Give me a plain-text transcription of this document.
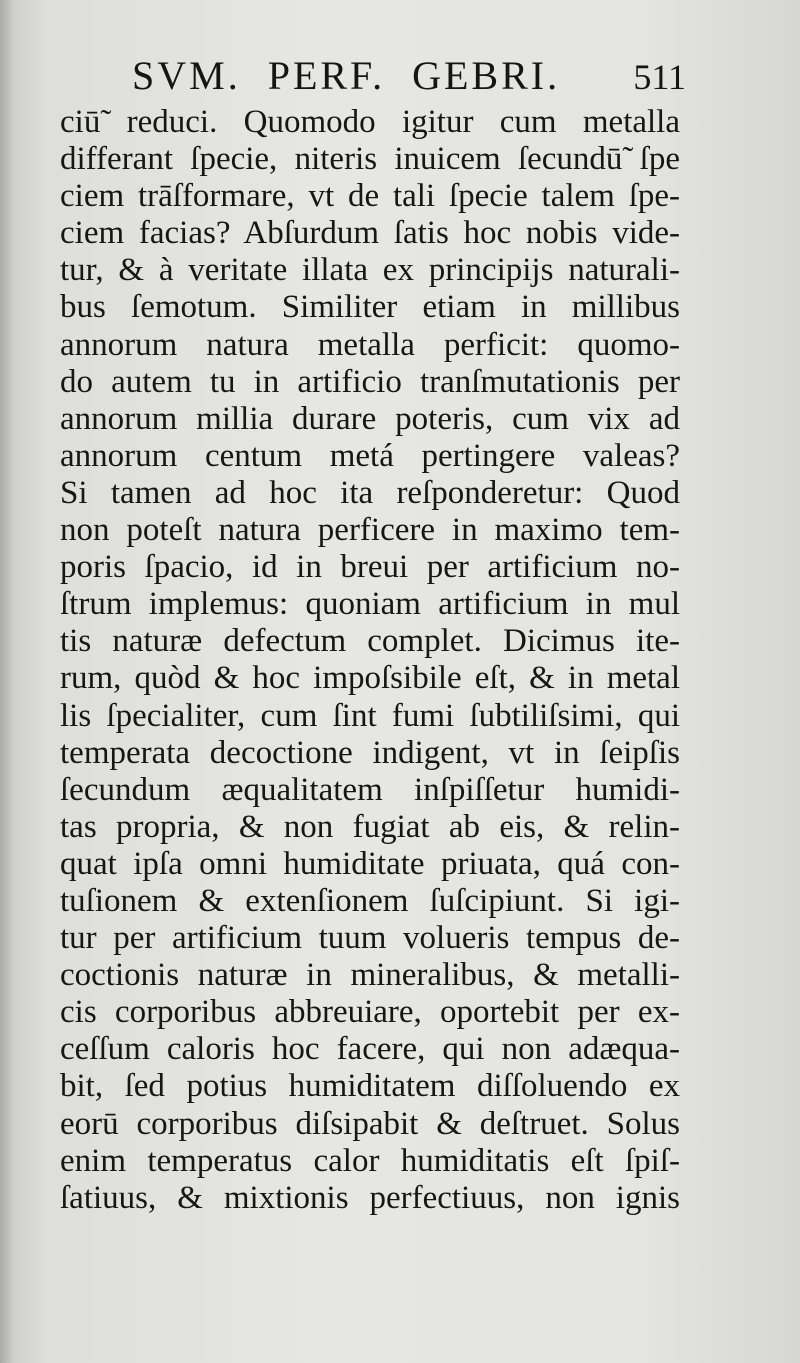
SVM. PERF. GEBRI.	511
ciū̃ reduci. Quomodo igitur cum metalla
differant ſpecie, niteris inuicem ſecundū̃ ſpe
ciem trāſformare, vt de tali ſpecie talem ſpe-
ciem facias? Abſurdum ſatis hoc nobis vide-
tur, & à veritate illata ex principijs naturali-
bus ſemotum. Similiter etiam in millibus
annorum natura metalla perficit: quomo-
do autem tu in artificio tranſmutationis per
annorum millia durare poteris, cum vix ad
annorum centum metá pertingere valeas?
Si tamen ad hoc ita reſponderetur: Quod
non poteſt natura perficere in maximo tem-
poris ſpacio, id in breui per artificium no-
ſtrum implemus: quoniam artificium in mul
tis naturæ defectum complet. Dicimus ite-
rum, quòd & hoc impoſsibile eſt, & in metal
lis ſpecialiter, cum ſint fumi ſubtiliſsimi, qui
temperata decoctione indigent, vt in ſeipſis
ſecundum æqualitatem inſpiſſetur humidi-
tas propria, & non fugiat ab eis, & relin-
quat ipſa omni humiditate priuata, quá con-
tuſionem & extenſionem ſuſcipiunt. Si igi-
tur per artificium tuum volueris tempus de-
coctionis naturæ in mineralibus, & metalli-
cis corporibus abbreuiare, oportebit per ex-
ceſſum caloris hoc facere, qui non adæqua-
bit, ſed potius humiditatem diſſoluendo ex
eorū corporibus diſsipabit & deſtruet. Solus
enim temperatus calor humiditatis eſt ſpiſ-
ſatiuus, & mixtionis perfectiuus, non ignis
